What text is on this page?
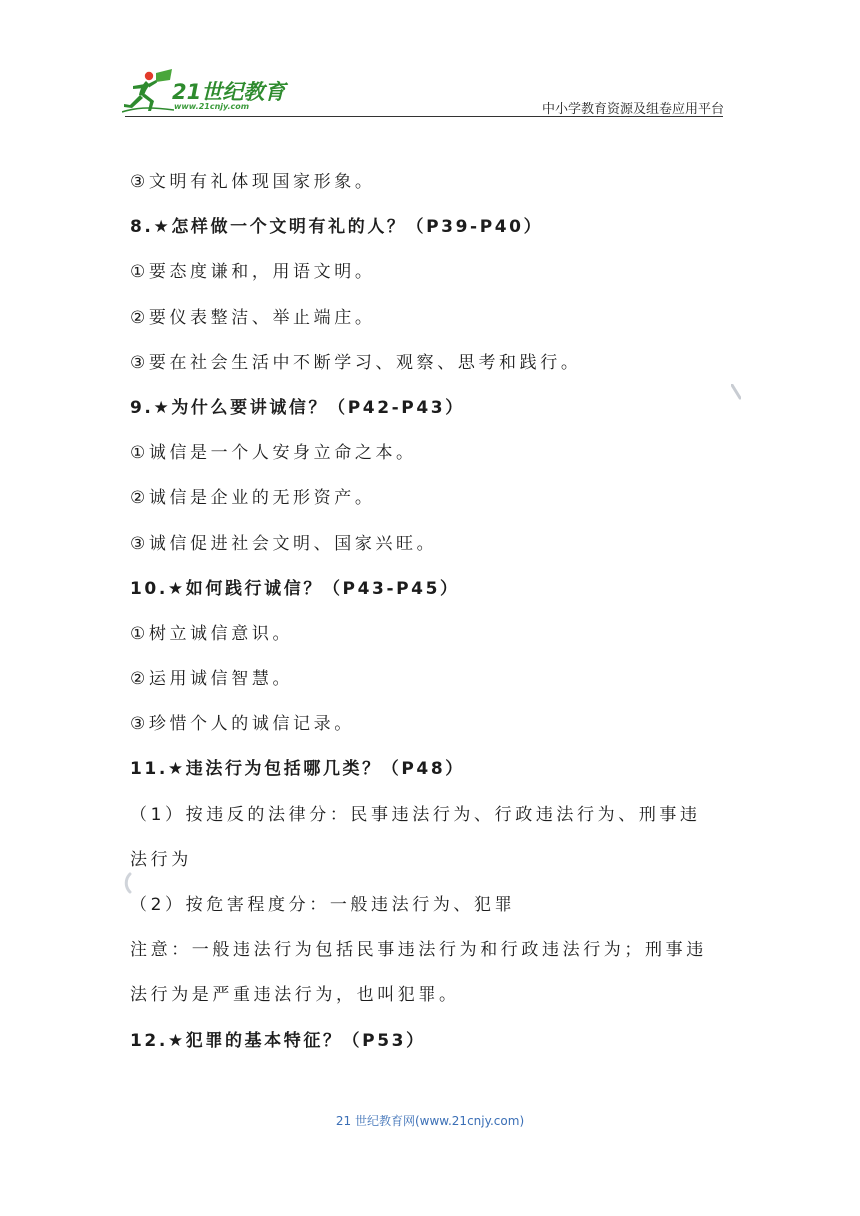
21世纪教育
www.21cnjy.com	中小学教育资源及组卷应用平台
③文明有礼体现国家形象。
8.★怎样做一个文明有礼的人？（P39-P40）
①要态度谦和，用语文明。
②要仪表整洁、举止端庄。
③要在社会生活中不断学习、观察、思考和践行。
9.★为什么要讲诚信？（P42-P43）
①诚信是一个人安身立命之本。
②诚信是企业的无形资产。
③诚信促进社会文明、国家兴旺。
10.★如何践行诚信？（P43-P45）
①树立诚信意识。
②运用诚信智慧。
③珍惜个人的诚信记录。
11.★违法行为包括哪几类？（P48）
（1）按违反的法律分：民事违法行为、行政违法行为、刑事违
法行为
（2）按危害程度分：一般违法行为、犯罪
注意：一般违法行为包括民事违法行为和行政违法行为；刑事违
法行为是严重违法行为，也叫犯罪。
12.★犯罪的基本特征？（P53）
21 世纪教育网(www.21cnjy.com)
